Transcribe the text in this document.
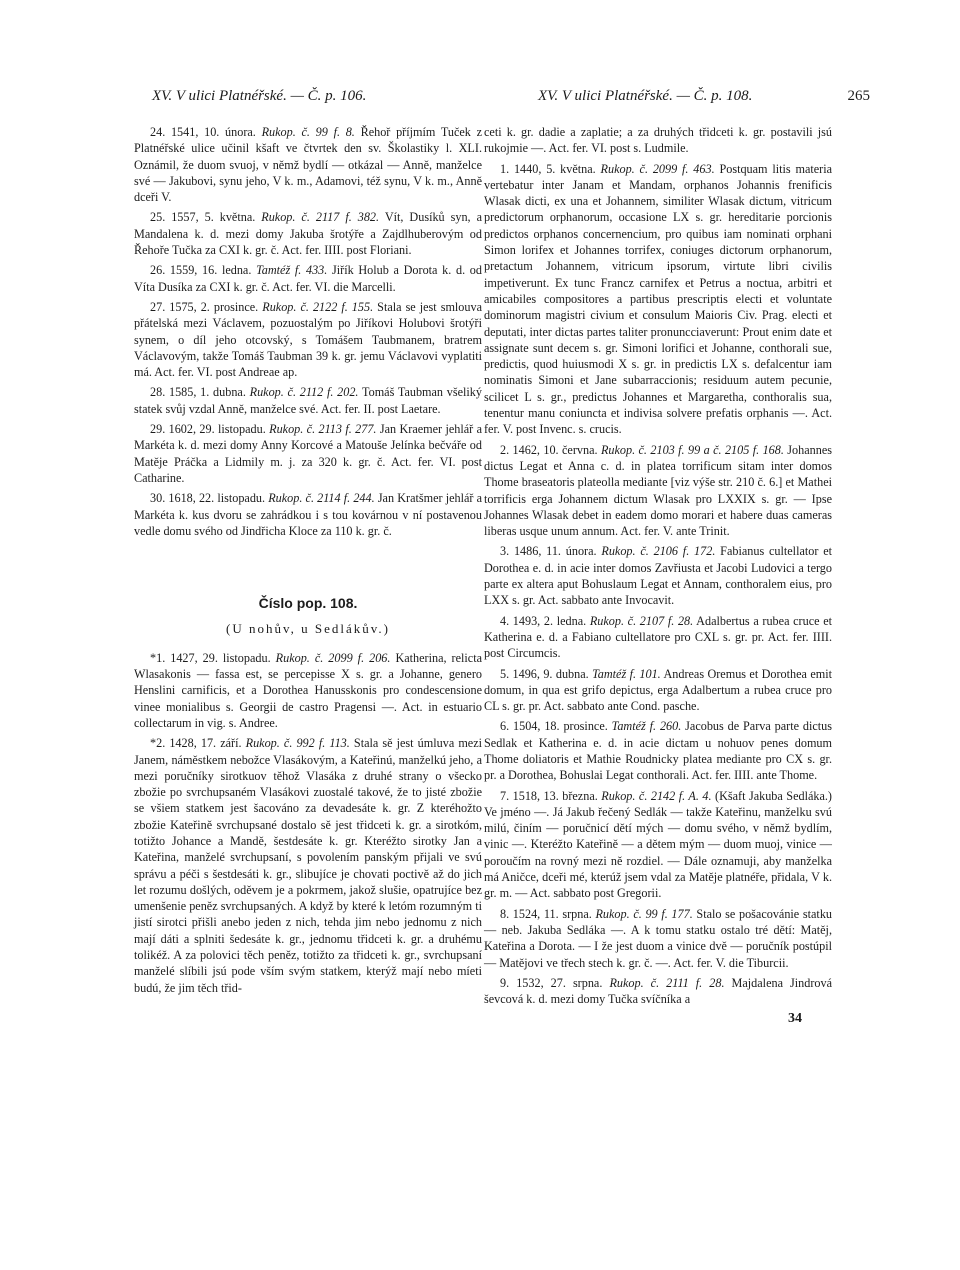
XV. V ulici Platnéřské. — Č. p. 106.	XV. V ulici Platnéřské. — Č. p. 108.	265

24. 1541, 10. února. Rukop. č. 99 f. 8. Řehoř příjmím Tuček z Platnéřské ulice učinil kšaft ve čtvrtek den sv. Školastiky l. XLI. Oznámil, že duom svuoj, v němž bydlí — otkázal — Anně, manželce své — Jakubovi, synu jeho, V k. m., Adamovi, též synu, V k. m., Anně dceři V.

25. 1557, 5. května. Rukop. č. 2117 f. 382. Vít, Dusíků syn, a Mandalena k. d. mezi domy Jakuba šrotýře a Zajdlhuberovým od Řehoře Tučka za CXI k. gr. č. Act. fer. IIII. post Floriani.

26. 1559, 16. ledna. Tamtéž f. 433. Jiřík Holub a Dorota k. d. od Víta Dusíka za CXI k. gr. č. Act. fer. VI. die Marcelli.

27. 1575, 2. prosince. Rukop. č. 2122 f. 155. Stala se jest smlouva přátelská mezi Václavem, pozuostalým po Jiříkovi Holubovi šrotýři synem, o díl jeho otcovský, s Tomášem Taubmanem, bratrem Václavovým, takže Tomáš Taubman 39 k. gr. jemu Václavovi vyplatiti má. Act. fer. VI. post Andreae ap.

28. 1585, 1. dubna. Rukop. č. 2112 f. 202. Tomáš Taubman všeliký statek svůj vzdal Anně, manželce své. Act. fer. II. post Laetare.

29. 1602, 29. listopadu. Rukop. č. 2113 f. 277. Jan Kraemer jehlář a Markéta k. d. mezi domy Anny Korcové a Matouše Jelínka bečváře od Matěje Práčka a Lidmily m. j. za 320 k. gr. č. Act. fer. VI. post Catharine.

30. 1618, 22. listopadu. Rukop. č. 2114 f. 244. Jan Kratšmer jehlář a Markéta k. kus dvoru se zahrádkou i s tou kovárnou v ní postavenou vedle domu svého od Jindřicha Kloce za 110 k. gr. č.

Číslo pop. 108.
(U nohův, u Sedlákův.)

*1. 1427, 29. listopadu. Rukop. č. 2099 f. 206. Katherina, relicta Wlasakonis — fassa est, se percepisse X s. gr. a Johanne, genero Henslini carnificis, et a Dorothea Hanusskonis pro condescensione vinee monialibus s. Georgii de castro Pragensi —. Act. in estuario collectarum in vig. s. Andree.

*2. 1428, 17. září. Rukop. č. 992 f. 113. Stala sě jest úmluva mezi Janem, náměstkem nebožce Vlasákovým, a Kateřinú, manželkú jeho, a mezi poručníky sirotkuov těhož Vlasáka z druhé strany o všecko zbožie po svrchupsaném Vlasákovi zuostalé takové, že to jisté zbožie se všiem statkem jest šacováno za devadesáte k. gr. Z kteréhožto zbožie Kateřině svrchupsané dostalo sě jest třidceti k. gr. a sirotkóm, totižto Johance a Mandě, šestdesáte k. gr. Kteréžto sirotky Jan a Kateřina, manželé svrchupsaní, s povolením panským přijali ve svú správu a péči s šestdesáti k. gr., slibujíce je chovati poctivě až do jich let rozumu došlých, oděvem je a pokrmem, jakož slušie, opatrujíce bez umenšenie peněz svrchupsaných. A když by které k letóm rozumným ti jistí sirotci přišli anebo jeden z nich, tehda jim nebo jednomu z nich mají dáti a splniti šedesáte k. gr., jednomu třidceti k. gr. a druhému tolikéž. A za polovici těch peněz, totižto za třidceti k. gr., svrchupsaní manželé slíbili jsú pode vším svým statkem, kterýž mají nebo míeti budú, že jim těch třid-

ceti k. gr. dadie a zaplatie; a za druhých třidceti k. gr. postavili jsú rukojmie —. Act. fer. VI. post s. Ludmile.

1. 1440, 5. května. Rukop. č. 2099 f. 463. Postquam litis materia vertebatur inter Janam et Mandam, orphanos Johannis frenificis Wlasak dicti, ex una et Johannem, similiter Wlasak dictum, vitricum predictorum orphanorum, occasione LX s. gr. hereditarie porcionis predictos orphanos concernencium, pro quibus iam nominati orphani Simon lorifex et Johannes torrifex, coniuges dictorum orphanorum, pretactum Johannem, vitricum ipsorum, virtute libri civilis impetiverunt. Ex tunc Francz carnifex et Petrus a noctua, arbitri et amicabiles compositores a partibus prescriptis electi et voluntate dominorum magistri civium et consulum Maioris Civ. Prag. electi et deputati, inter dictas partes taliter pronuncciaverunt: Prout enim date et assignate sunt decem s. gr. Simoni lorifici et Johanne, conthorali sue, predictis, quod huiusmodi X s. gr. in predictis LX s. defalcentur iam nominatis Simoni et Jane subarraccionis; residuum autem pecunie, scilicet L s. gr., predictus Johannes et Margaretha, conthoralis sua, tenentur manu coniuncta et indivisa solvere prefatis orphanis —. Act. fer. V. post Invenc. s. crucis.

2. 1462, 10. června. Rukop. č. 2103 f. 99 a č. 2105 f. 168. Johannes dictus Legat et Anna c. d. in platea torrificum sitam inter domos Thome braseatoris plateolla mediante [viz výše str. 210 č. 6.] et Mathei torrificis erga Johannem dictum Wlasak pro LXXIX s. gr. — Ipse Johannes Wlasak debet in eadem domo morari et habere duas cameras liberas usque unum annum. Act. fer. V. ante Trinit.

3. 1486, 11. února. Rukop. č. 2106 f. 172. Fabianus cultellator et Dorothea e. d. in acie inter domos Zavřiusta et Jacobi Ludovici a tergo parte ex altera aput Bohuslaum Legat et Annam, conthoralem eius, pro LXX s. gr. Act. sabbato ante Invocavit.

4. 1493, 2. ledna. Rukop. č. 2107 f. 28. Adalbertus a rubea cruce et Katherina e. d. a Fabiano cultellatore pro CXL s. gr. pr. Act. fer. IIII. post Circumcis.

5. 1496, 9. dubna. Tamtéž f. 101. Andreas Oremus et Dorothea emit domum, in qua est grifo depictus, erga Adalbertum a rubea cruce pro CL s. gr. pr. Act. sabbato ante Cond. pasche.

6. 1504, 18. prosince. Tamtéž f. 260. Jacobus de Parva parte dictus Sedlak et Katherina e. d. in acie dictam u nohuov penes domum Thome doliatoris et Mathie Roudnicky platea mediante pro CX s. gr. pr. a Dorothea, Bohuslai Legat conthorali. Act. fer. IIII. ante Thome.

7. 1518, 13. března. Rukop. č. 2142 f. A. 4. (Kšaft Jakuba Sedláka.) Ve jméno —. Já Jakub řečený Sedlák — takže Kateřinu, manželku svú milú, činím — poručnicí dětí mých — domu svého, v němž bydlím, vinic —. Kteréžto Kateřině — a dětem mým — duom muoj, vinice — poroučím na rovný mezi ně rozdiel. — Dále oznamuji, aby manželka má Aničce, dceři mé, kterúž jsem vdal za Matěje platnéře, přidala, V k. gr. m. — Act. sabbato post Gregorii.

8. 1524, 11. srpna. Rukop. č. 99 f. 177. Stalo se pošacovánie statku — neb. Jakuba Sedláka —. A k tomu statku ostalo tré dětí: Matěj, Kateřina a Dorota. — I že jest duom a vinice dvě — poručník postúpil — Matějovi ve třech stech k. gr. č. —. Act. fer. V. die Tiburcii.

9. 1532, 27. srpna. Rukop. č. 2111 f. 28. Majdalena Jindrová ševcová k. d. mezi domy Tučka svíčníka a

34
